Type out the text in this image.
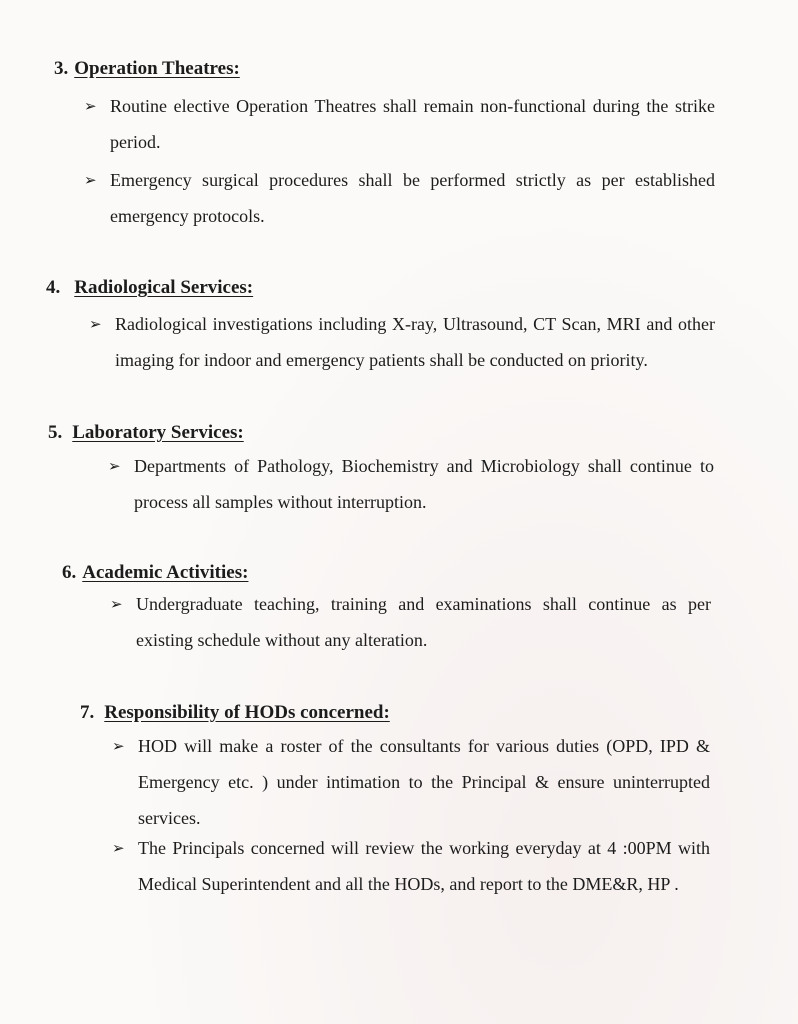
3. Operation Theatres:
➢ Routine elective Operation Theatres shall remain non-functional during the strike period.
➢ Emergency surgical procedures shall be performed strictly as per established emergency protocols.
4. Radiological Services:
➢ Radiological investigations including X-ray, Ultrasound, CT Scan, MRI and other imaging for indoor and emergency patients shall be conducted on priority.
5. Laboratory Services:
➢ Departments of Pathology, Biochemistry and Microbiology shall continue to process all samples without interruption.
6. Academic Activities:
➢ Undergraduate teaching, training and examinations shall continue as per existing schedule without any alteration.
7. Responsibility of HODs concerned:
➢ HOD will make a roster of the consultants for various duties (OPD, IPD & Emergency etc. ) under intimation to the Principal & ensure uninterrupted services.
➢ The Principals concerned will review the working everyday at 4 :00PM with Medical Superintendent and all the HODs, and report to the DME&R, HP .
